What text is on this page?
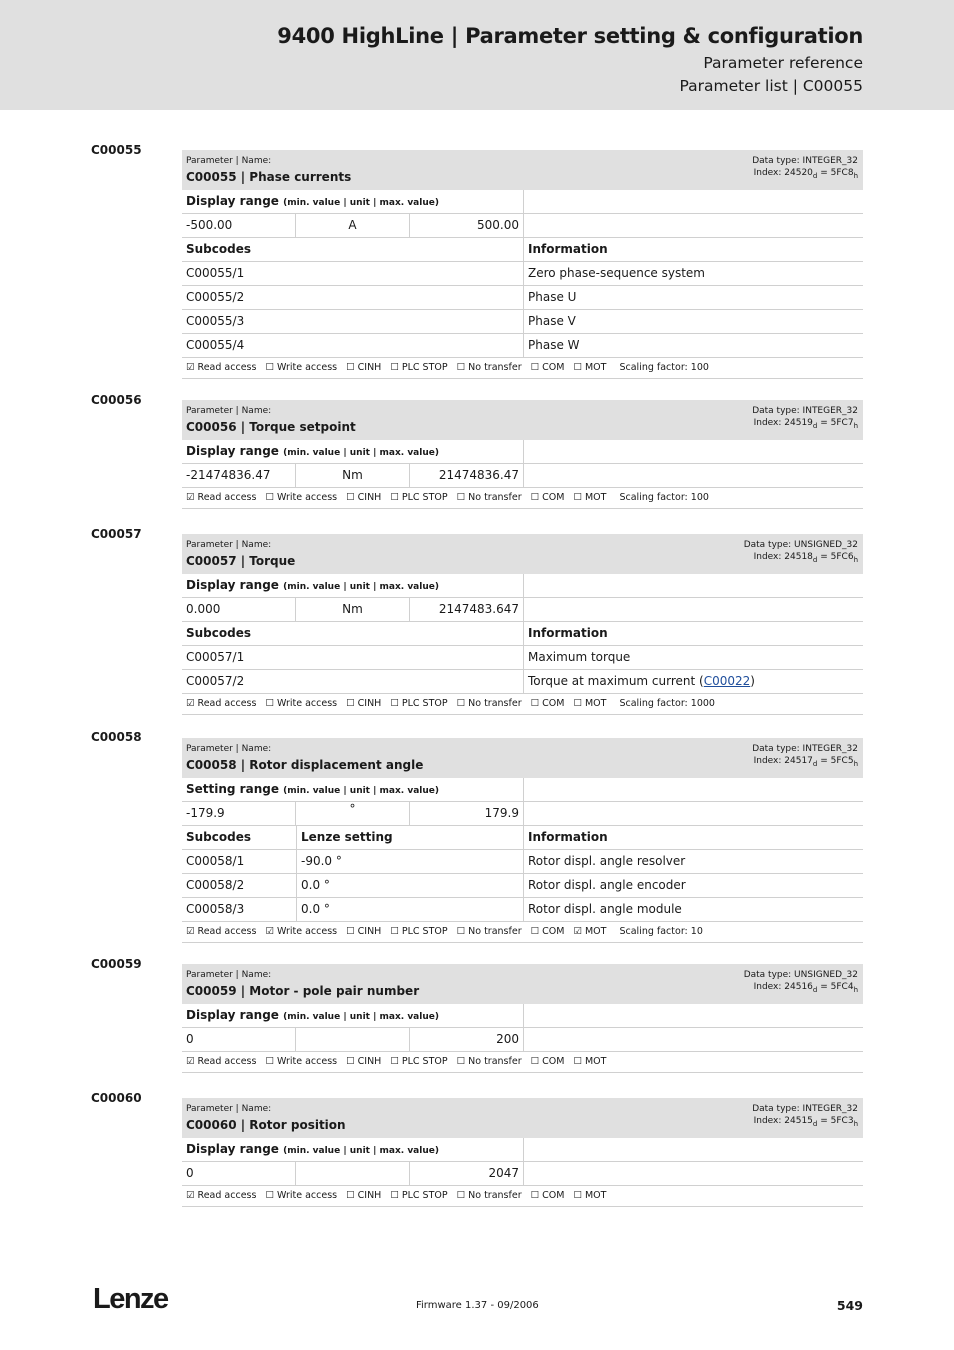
9400 HighLine | Parameter setting & configuration
Parameter reference
Parameter list | C00055
C00055
Parameter | Name:
C00055 | Phase currents
Data type: INTEGER_32
Index: $24520_d = 5FC8_h$
Display range (min. value | unit | max. value)
-500.00	A	500.00
Subcodes	Information
C00055/1	Zero phase-sequence system
C00055/2	Phase U
C00055/3	Phase V
C00055/4	Phase W
☑ Read access ☐ Write access ☐ CINH ☐ PLC STOP ☐ No transfer ☐ COM ☐ MOT Scaling factor: 100
C00056
Parameter | Name:
C00056 | Torque setpoint
Data type: INTEGER_32
Index: $24519_d = 5FC7_h$
Display range (min. value | unit | max. value)
-21474836.47	Nm	21474836.47
☑ Read access ☐ Write access ☐ CINH ☐ PLC STOP ☐ No transfer ☐ COM ☐ MOT Scaling factor: 100
C00057
Parameter | Name:
C00057 | Torque
Data type: UNSIGNED_32
Index: $24518_d = 5FC6_h$
Display range (min. value | unit | max. value)
0.000	Nm	2147483.647
Subcodes	Information
C00057/1	Maximum torque
C00057/2	Torque at maximum current (C00022)
☑ Read access ☐ Write access ☐ CINH ☐ PLC STOP ☐ No transfer ☐ COM ☐ MOT Scaling factor: 1000
C00058
Parameter | Name:
C00058 | Rotor displacement angle
Data type: INTEGER_32
Index: $24517_d = 5FC5_h$
Setting range (min. value | unit | max. value)
-179.9	°	179.9
Subcodes	Lenze setting	Information
C00058/1	-90.0 °	Rotor displ. angle resolver
C00058/2	0.0 °	Rotor displ. angle encoder
C00058/3	0.0 °	Rotor displ. angle module
☑ Read access ☑ Write access ☐ CINH ☐ PLC STOP ☐ No transfer ☐ COM ☑ MOT Scaling factor: 10
C00059
Parameter | Name:
C00059 | Motor - pole pair number
Data type: UNSIGNED_32
Index: $24516_d = 5FC4_h$
Display range (min. value | unit | max. value)
0	200
☑ Read access ☐ Write access ☐ CINH ☐ PLC STOP ☐ No transfer ☐ COM ☐ MOT
C00060
Parameter | Name:
C00060 | Rotor position
Data type: INTEGER_32
Index: $24515_d = 5FC3_h$
Display range (min. value | unit | max. value)
0	2047
☑ Read access ☐ Write access ☐ CINH ☐ PLC STOP ☐ No transfer ☐ COM ☐ MOT
Lenze	Firmware 1.37 - 09/2006	549
